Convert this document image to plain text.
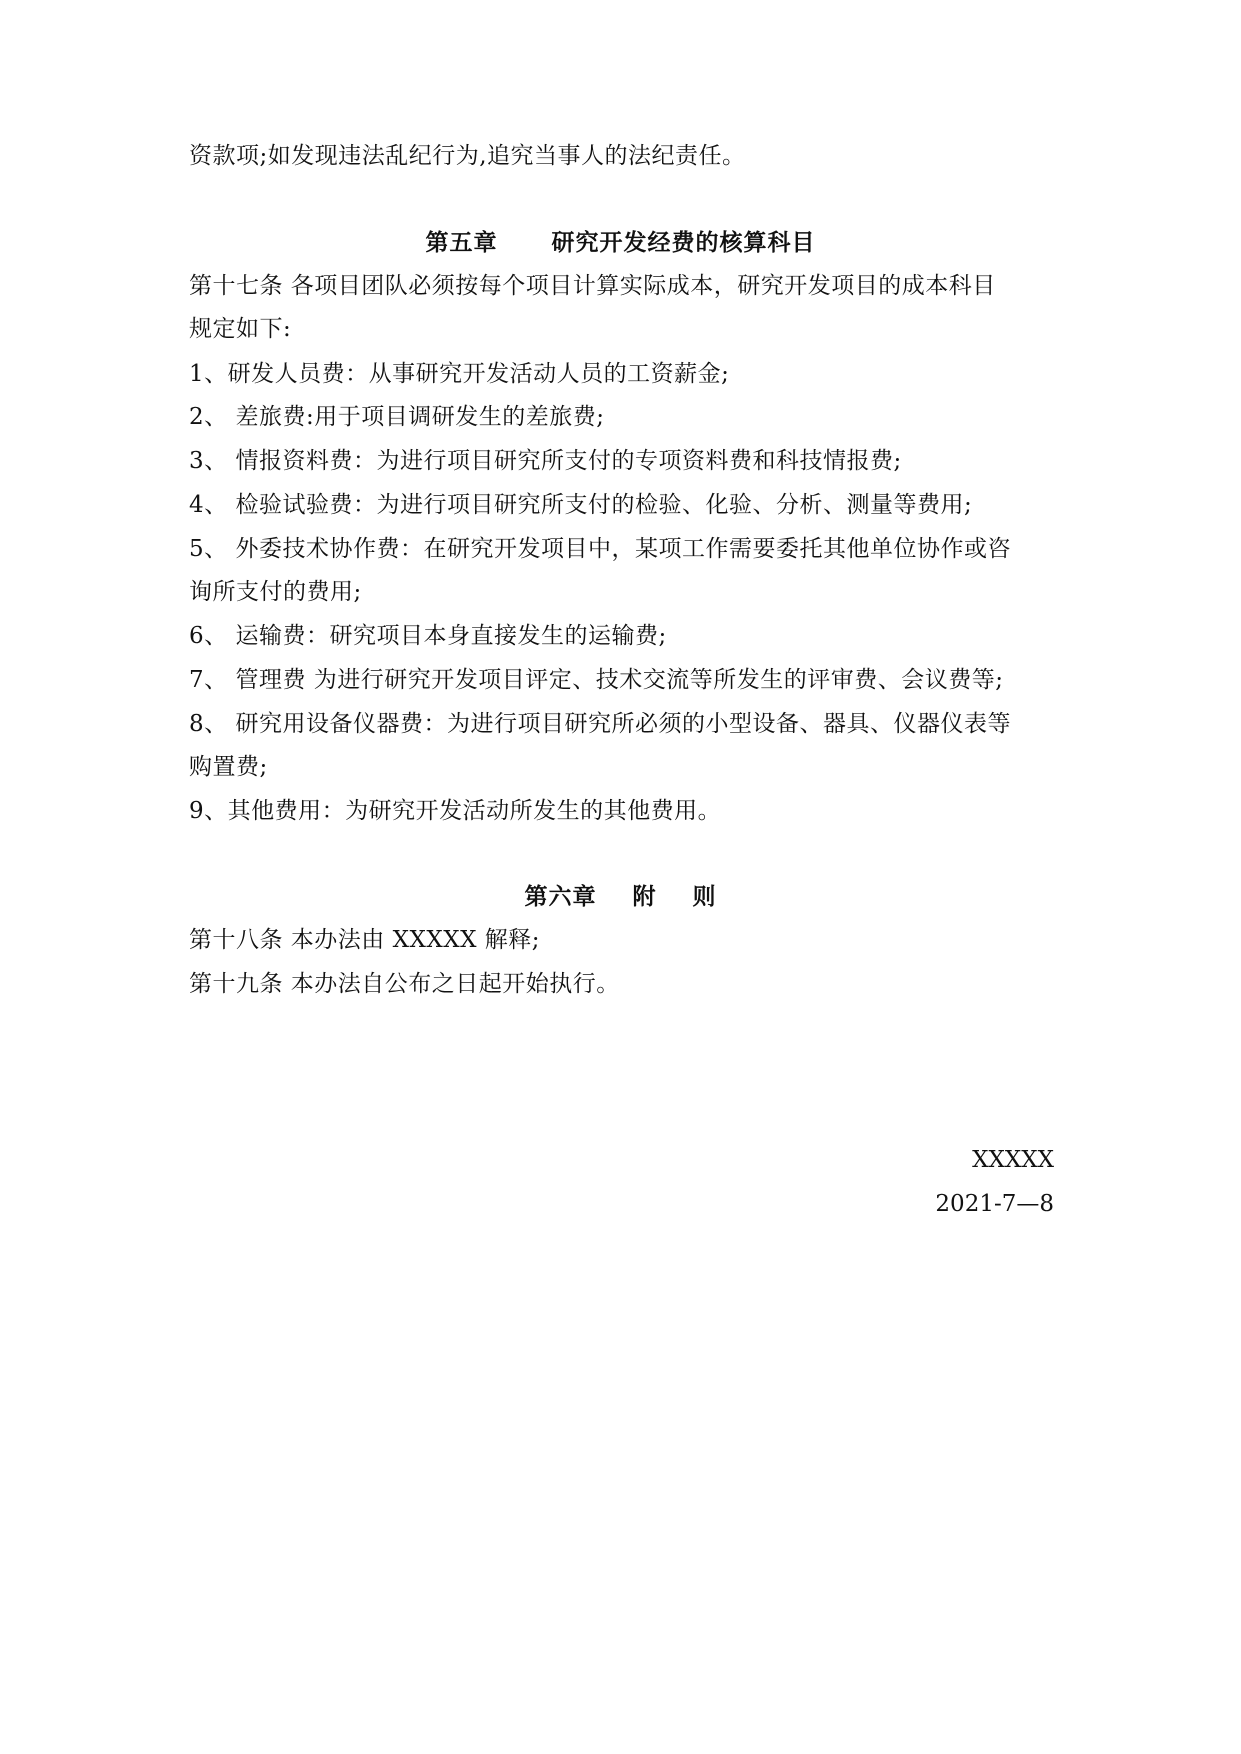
资款项;如发现违法乱纪行为,追究当事人的法纪责任。
第五章      研究开发经费的核算科目
第十七条 各项目团队必须按每个项目计算实际成本，研究开发项目的成本科目
规定如下:
1、研发人员费：从事研究开发活动人员的工资薪金;
2、 差旅费:用于项目调研发生的差旅费;
3、 情报资料费：为进行项目研究所支付的专项资料费和科技情报费;
4、 检验试验费：为进行项目研究所支付的检验、化验、分析、测量等费用;
5、 外委技术协作费：在研究开发项目中，某项工作需要委托其他单位协作或咨
询所支付的费用;
6、 运输费：研究项目本身直接发生的运输费;
7、 管理费 为进行研究开发项目评定、技术交流等所发生的评审费、会议费等;
8、 研究用设备仪器费：为进行项目研究所必须的小型设备、器具、仪器仪表等
购置费;
9、其他费用：为研究开发活动所发生的其他费用。
第六章    附    则
第十八条 本办法由 XXXXX 解释;
第十九条 本办法自公布之日起开始执行。
XXXXX
2021-7—8
